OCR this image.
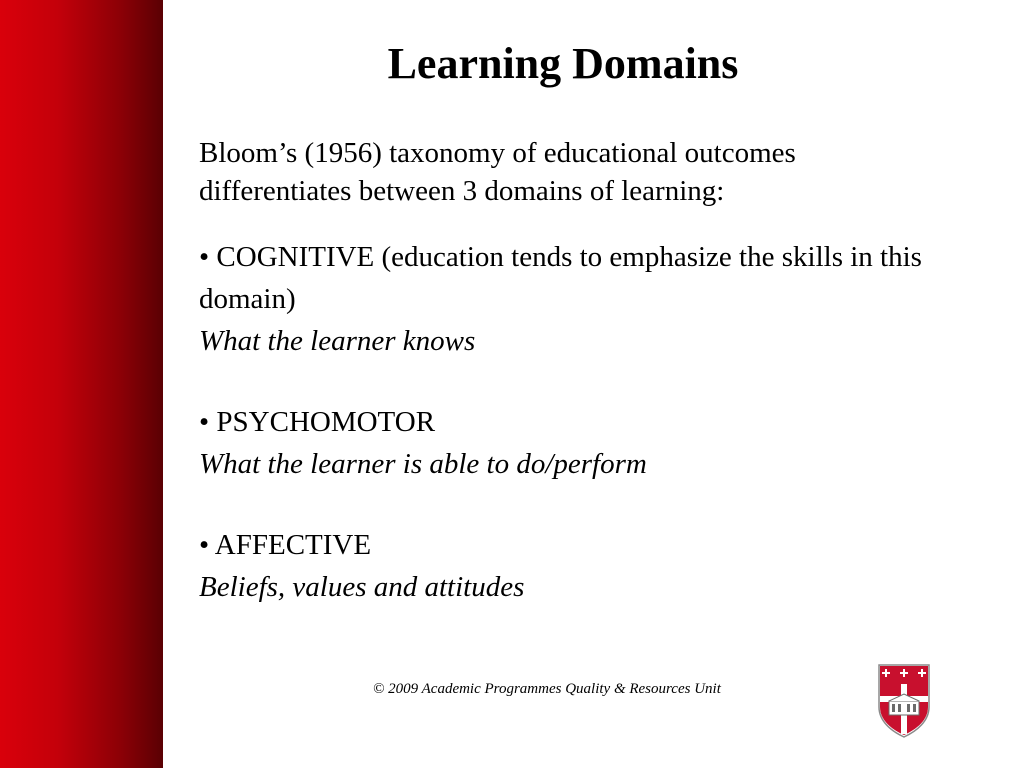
Learning Domains

Bloom’s (1956) taxonomy of educational outcomes differentiates between 3 domains of learning:

• COGNITIVE (education tends to emphasize the skills in this domain)

What the learner knows

• PSYCHOMOTOR

What the learner is able to do/perform

• AFFECTIVE

Beliefs, values and attitudes

© 2009 Academic Programmes Quality & Resources Unit
